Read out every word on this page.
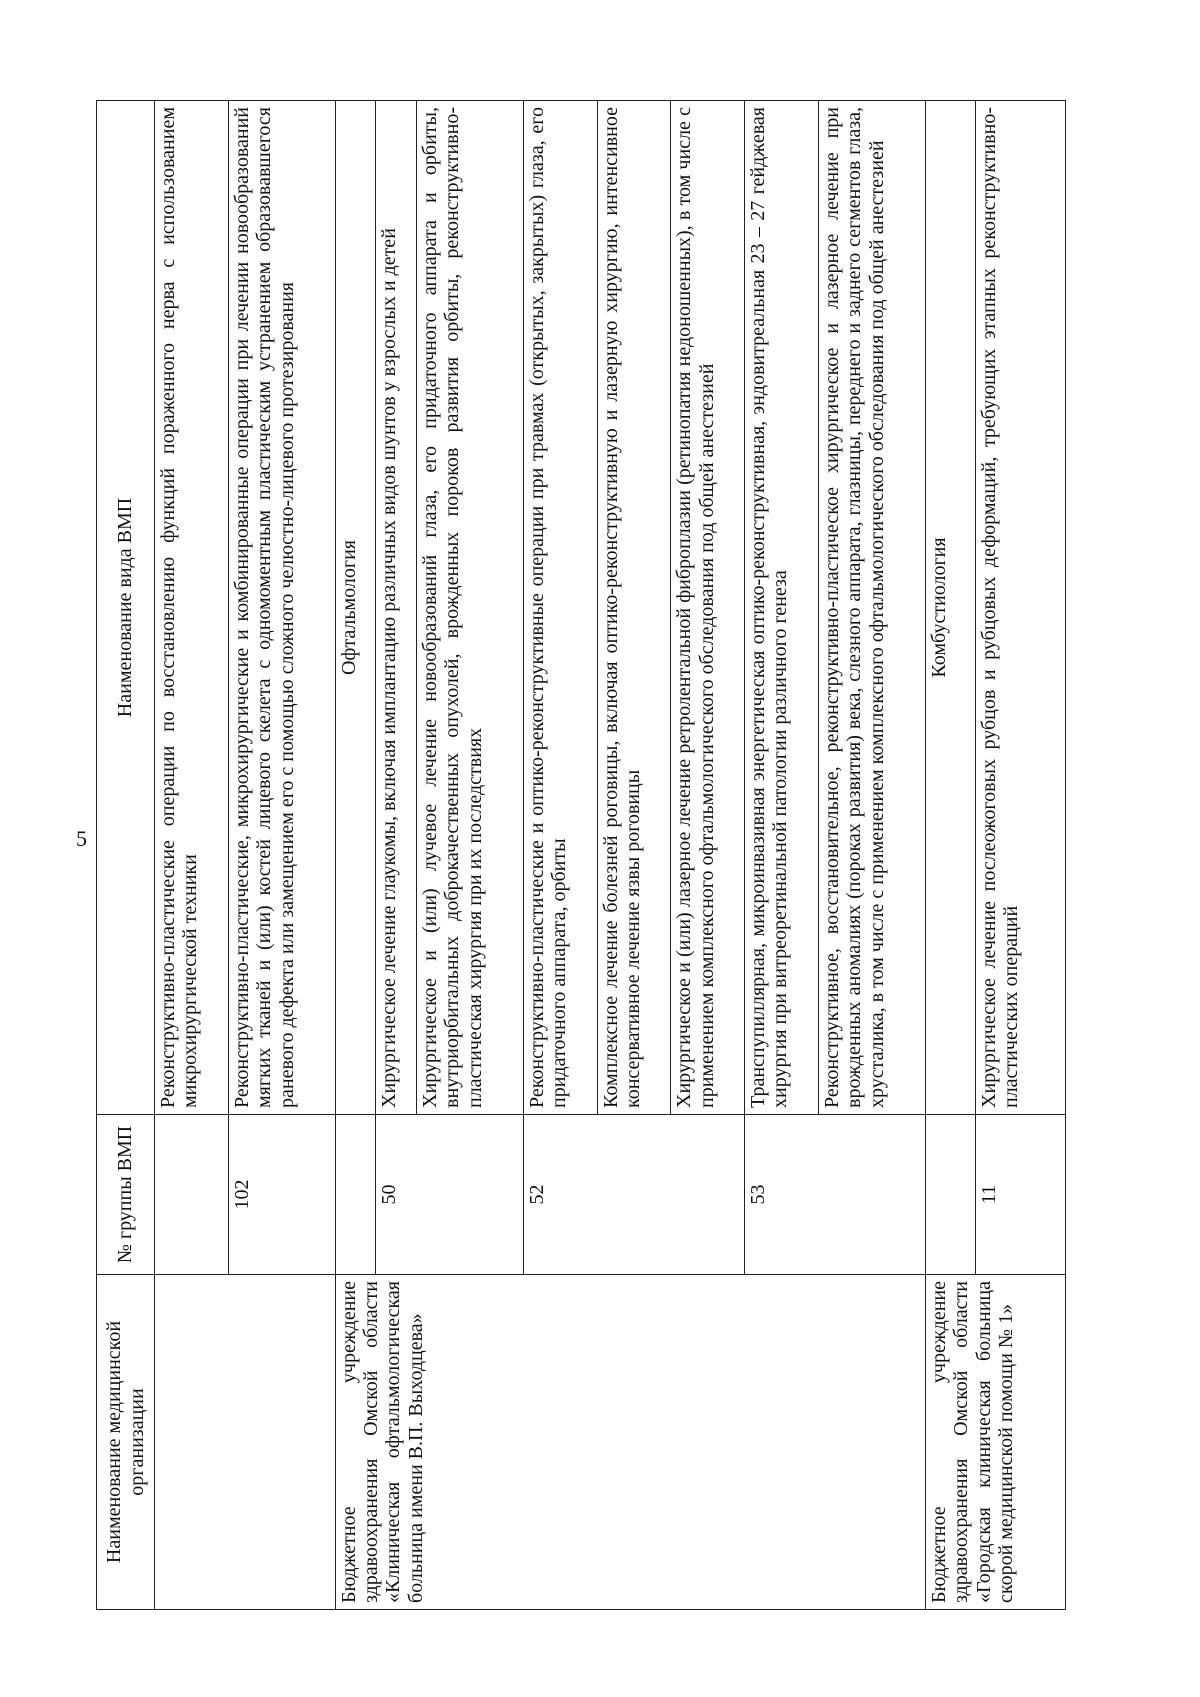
5
Наименование медицинской организации	№ группы ВМП	Наименование вида ВМП
		Реконструктивно-пластические операции по восстановлению функций пораженного нерва с использованием микрохирургической техники
	102	Реконструктивно-пластические, микрохирургические и комбинированные операции при лечении новообразований мягких тканей и (или) костей лицевого скелета с одномоментным пластическим устранением образовавшегося раневого дефекта или замещением его с помощью сложного челюстно-лицевого протезирования
Бюджетное учреждение здравоохранения Омской области «Клиническая офтальмологическая больница имени В.П. Выходцева»		Офтальмология
	50	Хирургическое лечение глаукомы, включая имплантацию различных видов шунтов у взрослых и детей
		Хирургическое и (или) лучевое лечение новообразований глаза, его придаточного аппарата и орбиты, внутриорбитальных доброкачественных опухолей, врожденных пороков развития орбиты, реконструктивно-пластическая хирургия при их последствиях
	52	Реконструктивно-пластические и оптико-реконструктивные операции при травмах (открытых, закрытых) глаза, его придаточного аппарата, орбиты
		Комплексное лечение болезней роговицы, включая оптико-реконструктивную и лазерную хирургию, интенсивное консервативное лечение язвы роговицы
		Хирургическое и (или) лазерное лечение ретролентальной фиброплазии (ретинопатия недоношенных), в том числе с применением комплексного офтальмологического обследования под общей анестезией
	53	Транспупиллярная, микроинвазивная энергетическая оптико-реконструктивная, эндовитреальная 23 – 27 гейджевая хирургия при витреоретинальной патологии различного генеза
		Реконструктивное, восстановительное, реконструктивно-пластическое хирургическое и лазерное лечение при врожденных аномалиях (пороках развития) века, слезного аппарата, глазницы, переднего и заднего сегментов глаза, хрусталика, в том числе с применением комплексного офтальмологического обследования под общей анестезией
Бюджетное учреждение здравоохранения Омской области «Городская клиническая больница скорой медицинской помощи № 1»		Комбустиология
	11	Хирургическое лечение послеожоговых рубцов и рубцовых деформаций, требующих этапных реконструктивно-пластических операций
